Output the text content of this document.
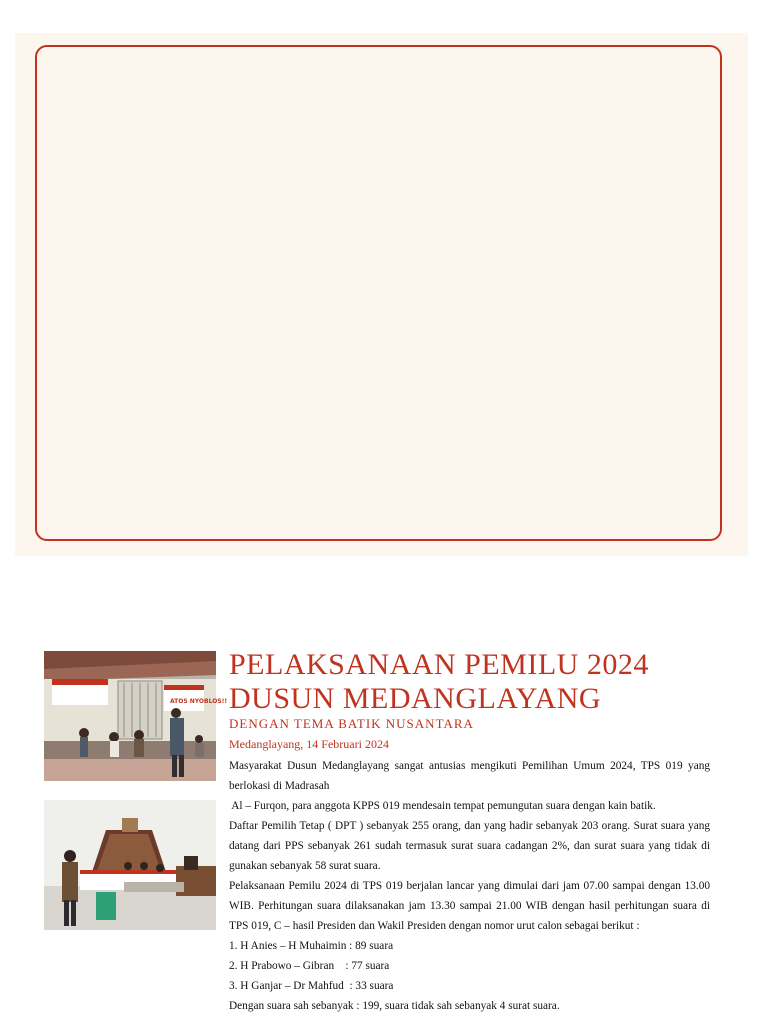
ATOS NYOBLOS!!
PELAKSANAAN PEMILU 2024
DUSUN MEDANGLAYANG
DENGAN TEMA BATIK NUSANTARA
Medanglayang, 14 Februari 2024

Masyarakat Dusun Medanglayang sangat antusias mengikuti Pemilihan Umum 2024, TPS 019 yang berlokasi di Madrasah

Al – Furqon, para anggota KPPS 019 mendesain tempat pemungutan suara dengan kain batik.

Daftar Pemilih Tetap ( DPT ) sebanyak 255 orang, dan yang hadir sebanyak 203 orang. Surat suara yang datang dari PPS sebanyak 261 sudah termasuk surat suara cadangan 2%, dan surat suara yang tidak di gunakan sebanyak 58 surat suara.

Pelaksanaan Pemilu 2024 di TPS 019 berjalan lancar yang dimulai dari jam 07.00 sampai dengan 13.00 WIB. Perhitungan suara dilaksanakan jam 13.30 sampai 21.00 WIB dengan hasil perhitungan suara di TPS 019, C – hasil Presiden dan Wakil Presiden dengan nomor urut calon sebagai berikut :

1. H Anies – H Muhaimin : 89 suara

2. H Prabowo – Gibran    : 77 suara

3. H Ganjar – Dr Mahfud  : 33 suara

Dengan suara sah sebanyak : 199, suara tidak sah sebanyak 4 surat suara.
